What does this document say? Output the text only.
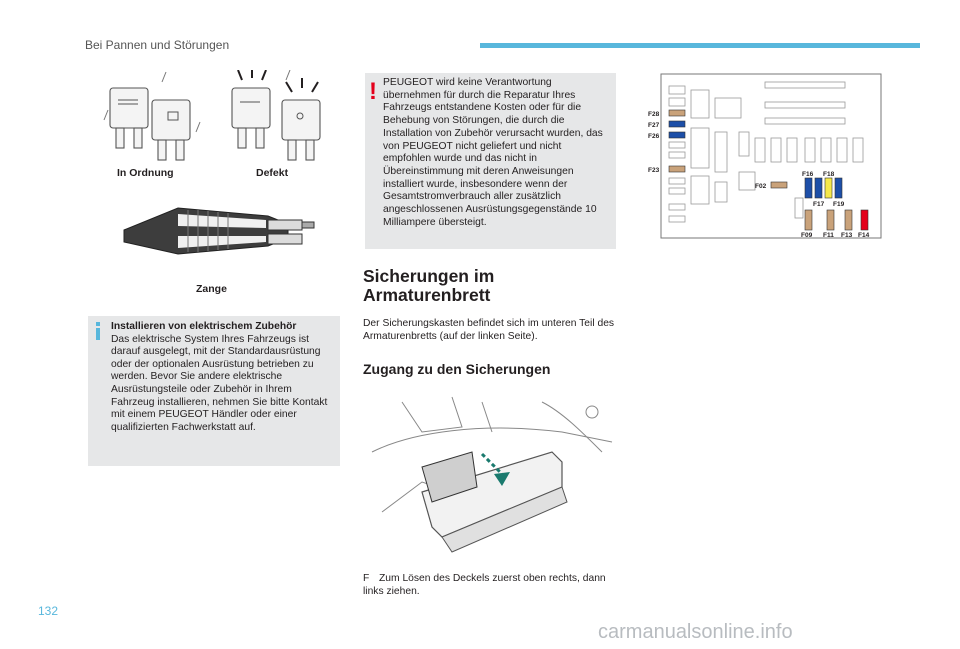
Bei Pannen und Störungen
In Ordnung	Defekt
Zange
Installieren von elektrischem Zubehör
Das elektrische System Ihres Fahrzeugs ist darauf ausgelegt, mit der Standardausrüstung oder der optionalen Ausrüstung betrieben zu werden. Bevor Sie andere elektrische Ausrüstungsteile oder Zubehör in Ihrem Fahrzeug installieren, nehmen Sie bitte Kontakt mit einem PEUGEOT Händler oder einer qualifizierten Fachwerkstatt auf.
! PEUGEOT wird keine Verantwortung übernehmen für durch die Reparatur Ihres Fahrzeugs entstandene Kosten oder für die Behebung von Störungen, die durch die Installation von Zubehör verursacht wurden, das von PEUGEOT nicht geliefert und nicht empfohlen wurde und das nicht in Übereinstimmung mit deren Anweisungen installiert wurde, insbesondere wenn der Gesamtstromverbrauch aller zusätzlich angeschlossenen Ausrüstungsgegenstände 10 Milliampere übersteigt.
Sicherungen im Armaturenbrett
Der Sicherungskasten befindet sich im unteren Teil des Armaturenbretts (auf der linken Seite).
Zugang zu den Sicherungen
F Zum Lösen des Deckels zuerst oben rechts, dann links ziehen.
F28
F27
F26
F23
F02
F16 F18
F17 F19
F09 F11 F13 F14
132
carmanualsonline.info
